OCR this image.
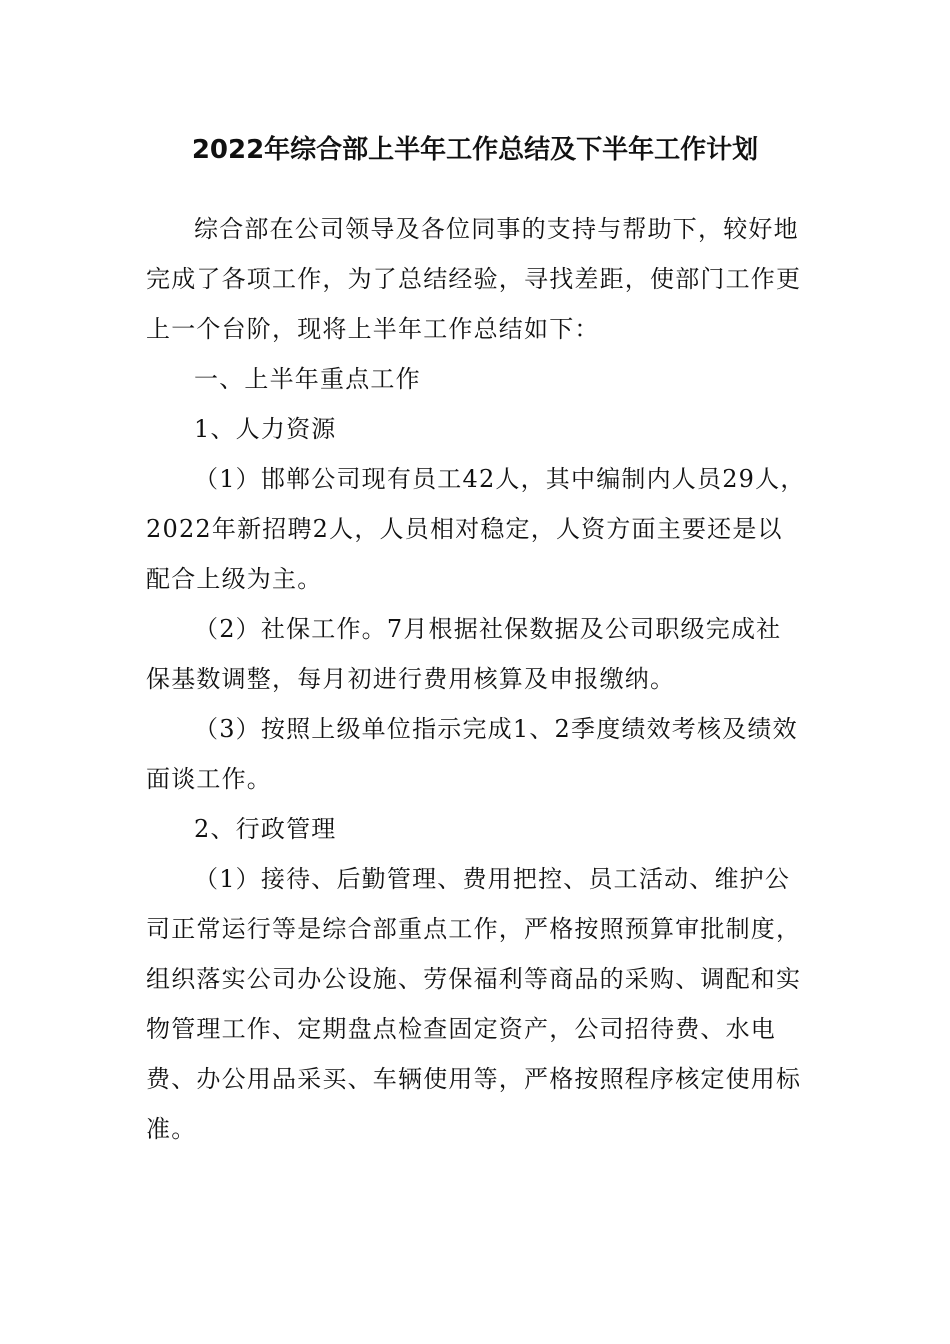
2022年综合部上半年工作总结及下半年工作计划

综合部在公司领导及各位同事的支持与帮助下，较好地完成了各项工作，为了总结经验，寻找差距，使部门工作更上一个台阶，现将上半年工作总结如下：

一、上半年重点工作

1、人力资源

（1）邯郸公司现有员工42人，其中编制内人员29人，2022年新招聘2人，人员相对稳定，人资方面主要还是以配合上级为主。

（2）社保工作。7月根据社保数据及公司职级完成社保基数调整，每月初进行费用核算及申报缴纳。

（3）按照上级单位指示完成1、2季度绩效考核及绩效面谈工作。

2、行政管理

（1）接待、后勤管理、费用把控、员工活动、维护公司正常运行等是综合部重点工作，严格按照预算审批制度，组织落实公司办公设施、劳保福利等商品的采购、调配和实物管理工作、定期盘点检查固定资产，公司招待费、水电费、办公用品采买、车辆使用等，严格按照程序核定使用标准。
